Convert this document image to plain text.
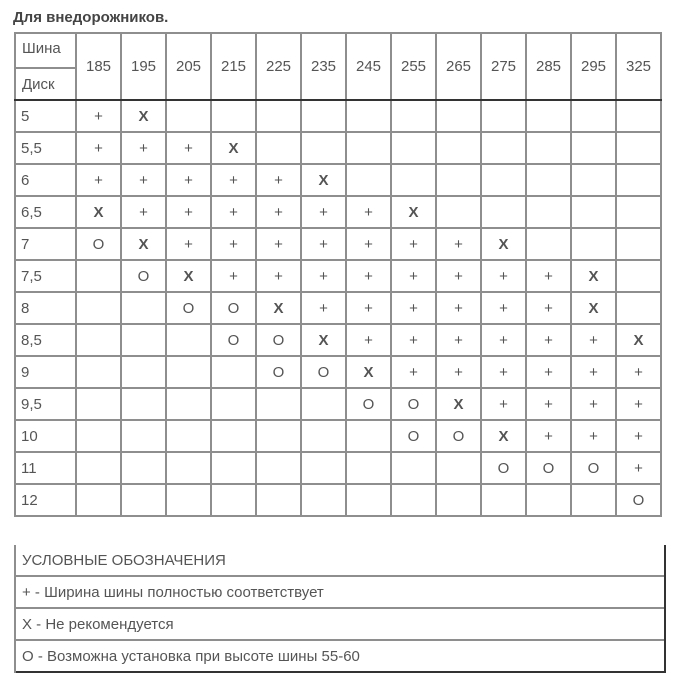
Для внедорожников.
Шина
Диск	185	195	205	215	225	235	245	255	265	275	285	295	325
5	+	X											
5,5	+	+	+	X									
6	+	+	+	+	+	X							
6,5	X	+	+	+	+	+	+	X					
7	O	X	+	+	+	+	+	+	+	X			
7,5		O	X	+	+	+	+	+	+	+	+	X	
8			O	O	X	+	+	+	+	+	+	X	
8,5				O	O	X	+	+	+	+	+	+	X
9					O	O	X	+	+	+	+	+	+
9,5							O	O	X	+	+	+	+
10								O	O	X	+	+	+
11										O	O	O	+
12													O
УСЛОВНЫЕ ОБОЗНАЧЕНИЯ
+ - Ширина шины полностью соответствует
X - Не рекомендуется
O - Возможна установка при высоте шины 55-60
